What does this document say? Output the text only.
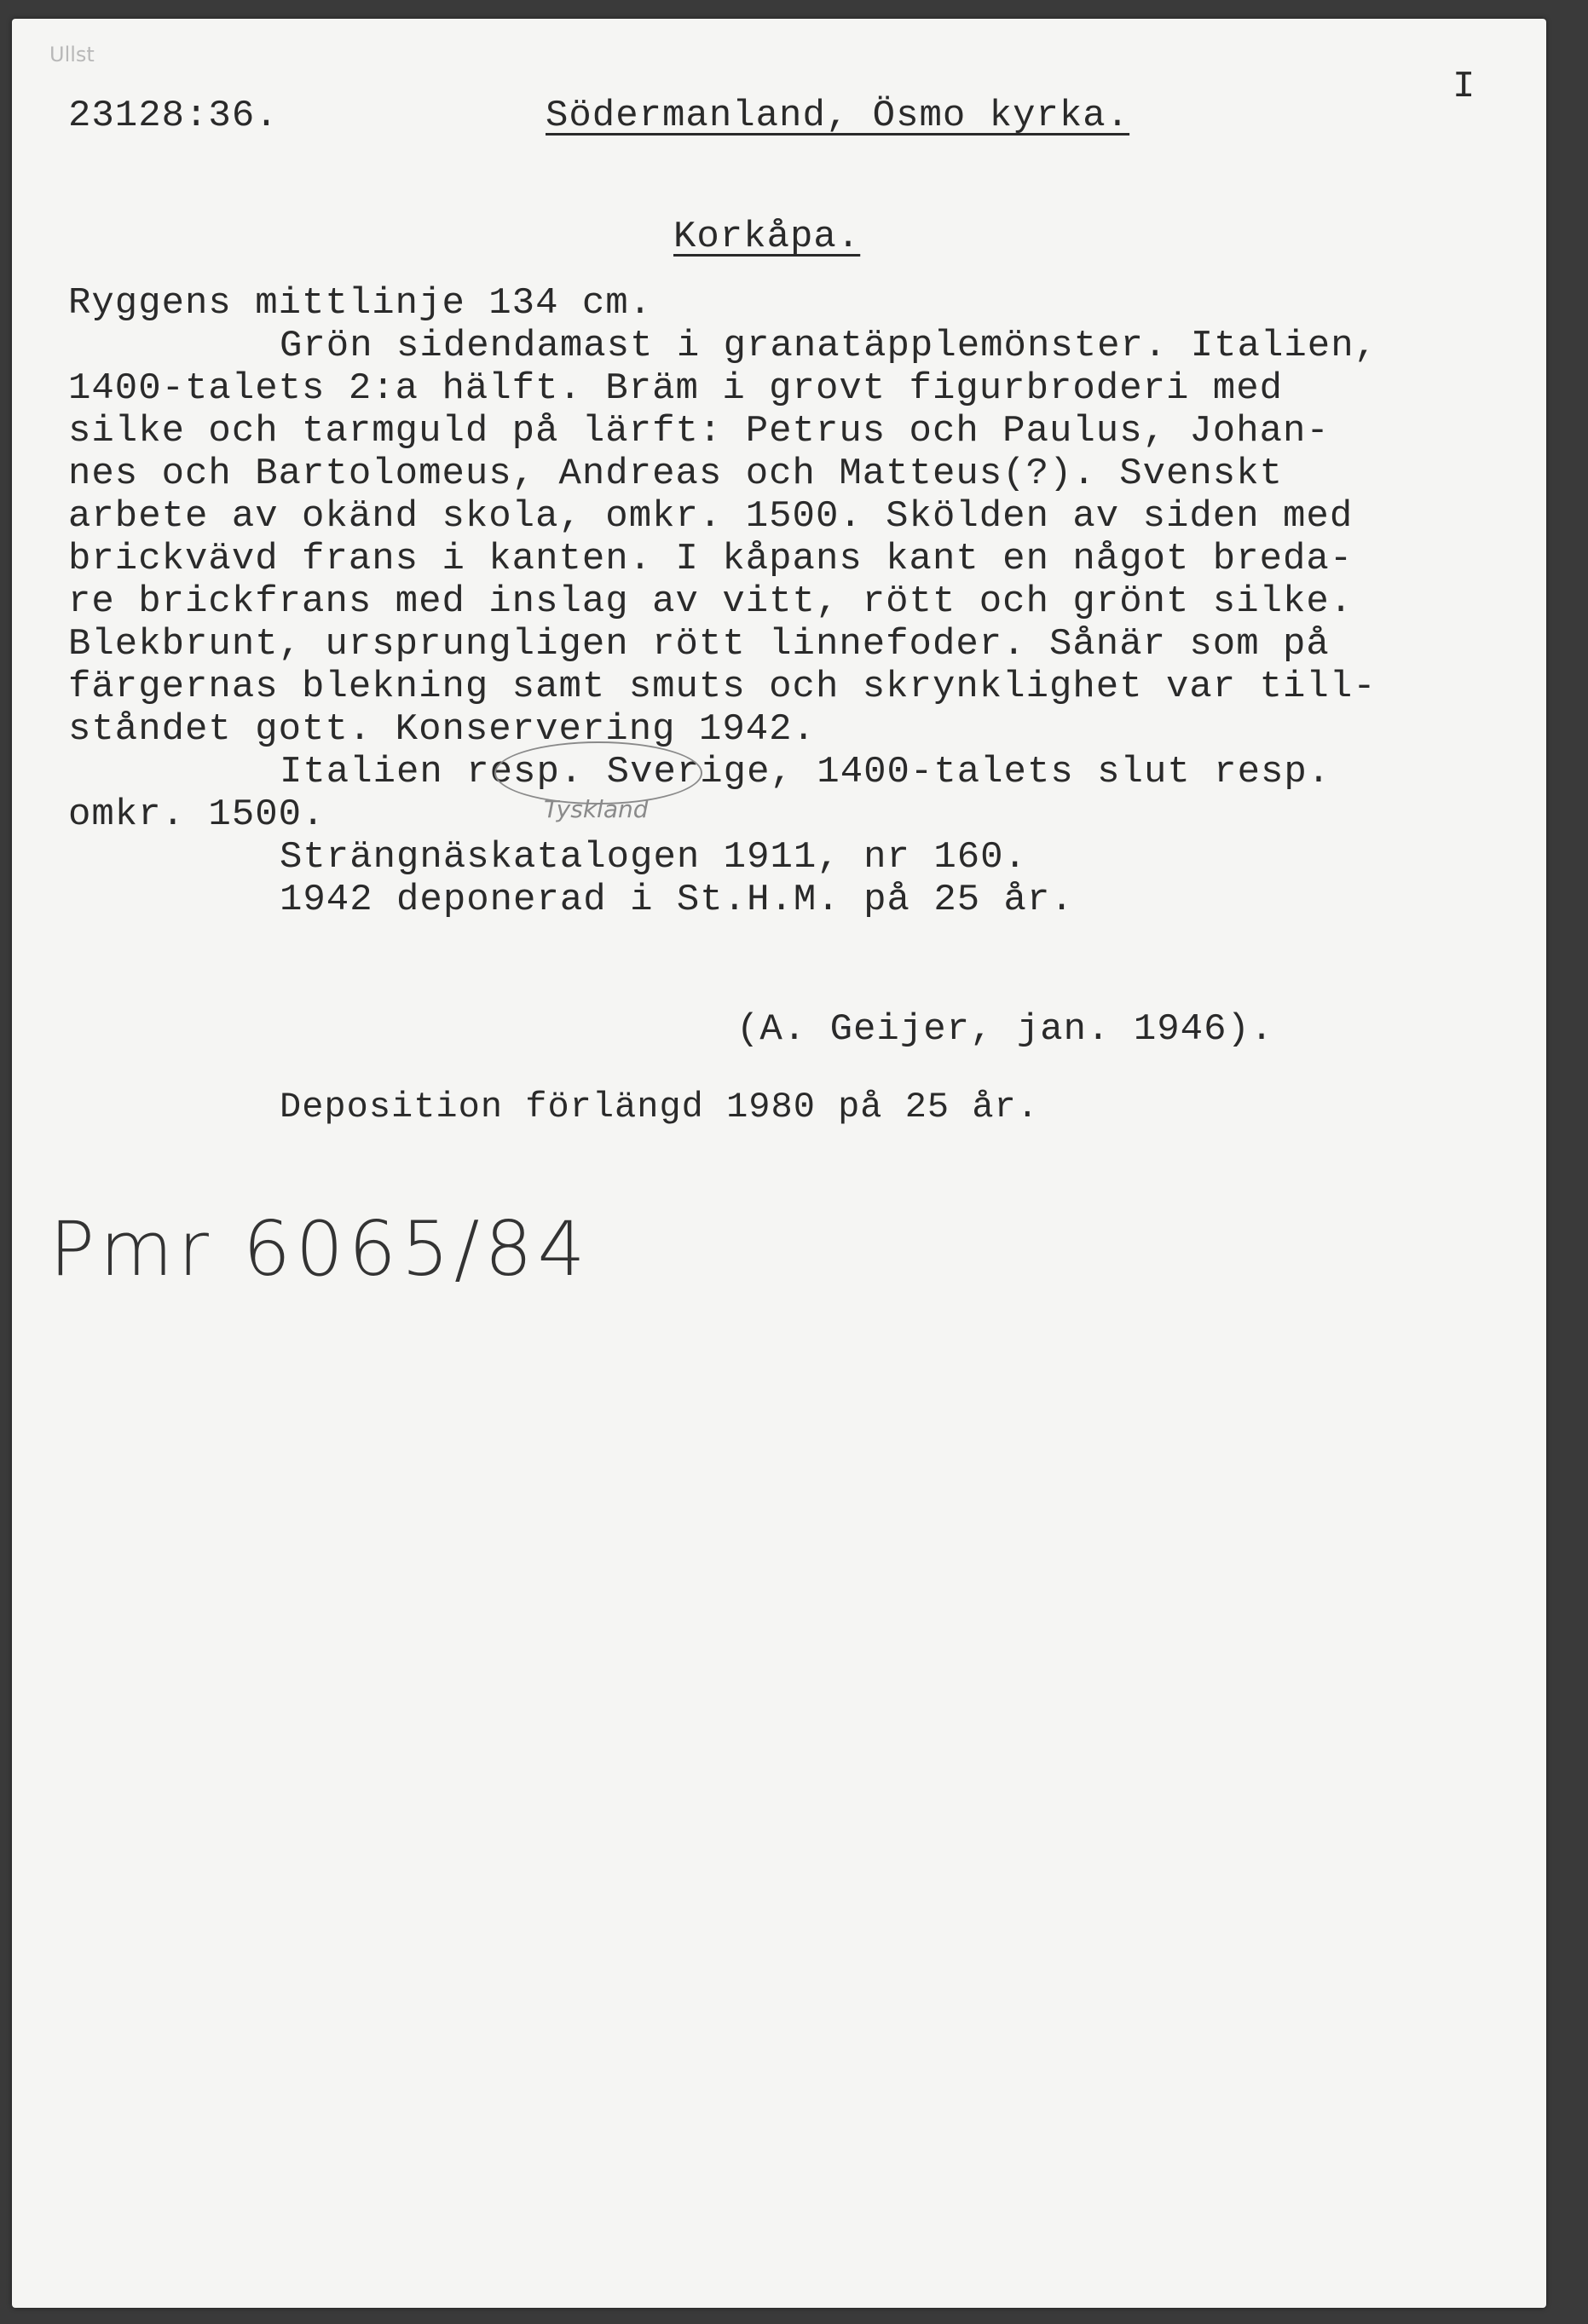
Ullst
23128:36.	Södermanland, Ösmo kyrka.
I
Korkåpa.
Ryggens mittlinje 134 cm.
Grön sidendamast i granatäpplemönster. Italien,
1400-talets 2:a hälft. Bräm i grovt figurbroderi med
silke och tarmguld på lärft: Petrus och Paulus, Johan-
nes och Bartolomeus, Andreas och Matteus(?). Svenskt
arbete av okänd skola, omkr. 1500. Skölden av siden med
brickvävd frans i kanten. I kåpans kant en något bredа-
re brickfrans med inslag av vitt, rött och grönt silke.
Blekbrunt, ursprungligen rött linnefoder. Sånär som på
färgernas blekning samt smuts och skrynklighet var till-
ståndet gott. Konservering 1942.
Italien resp. Sverige, 1400-talets slut resp.
Tyskland
omkr. 1500.
Strängnäskatalogen 1911, nr 160.
1942 deponerad i St.H.M. på 25 år.
(A. Geijer, jan. 1946).
Deposition förlängd 1980 på 25 år.
Pmr 6065/84
